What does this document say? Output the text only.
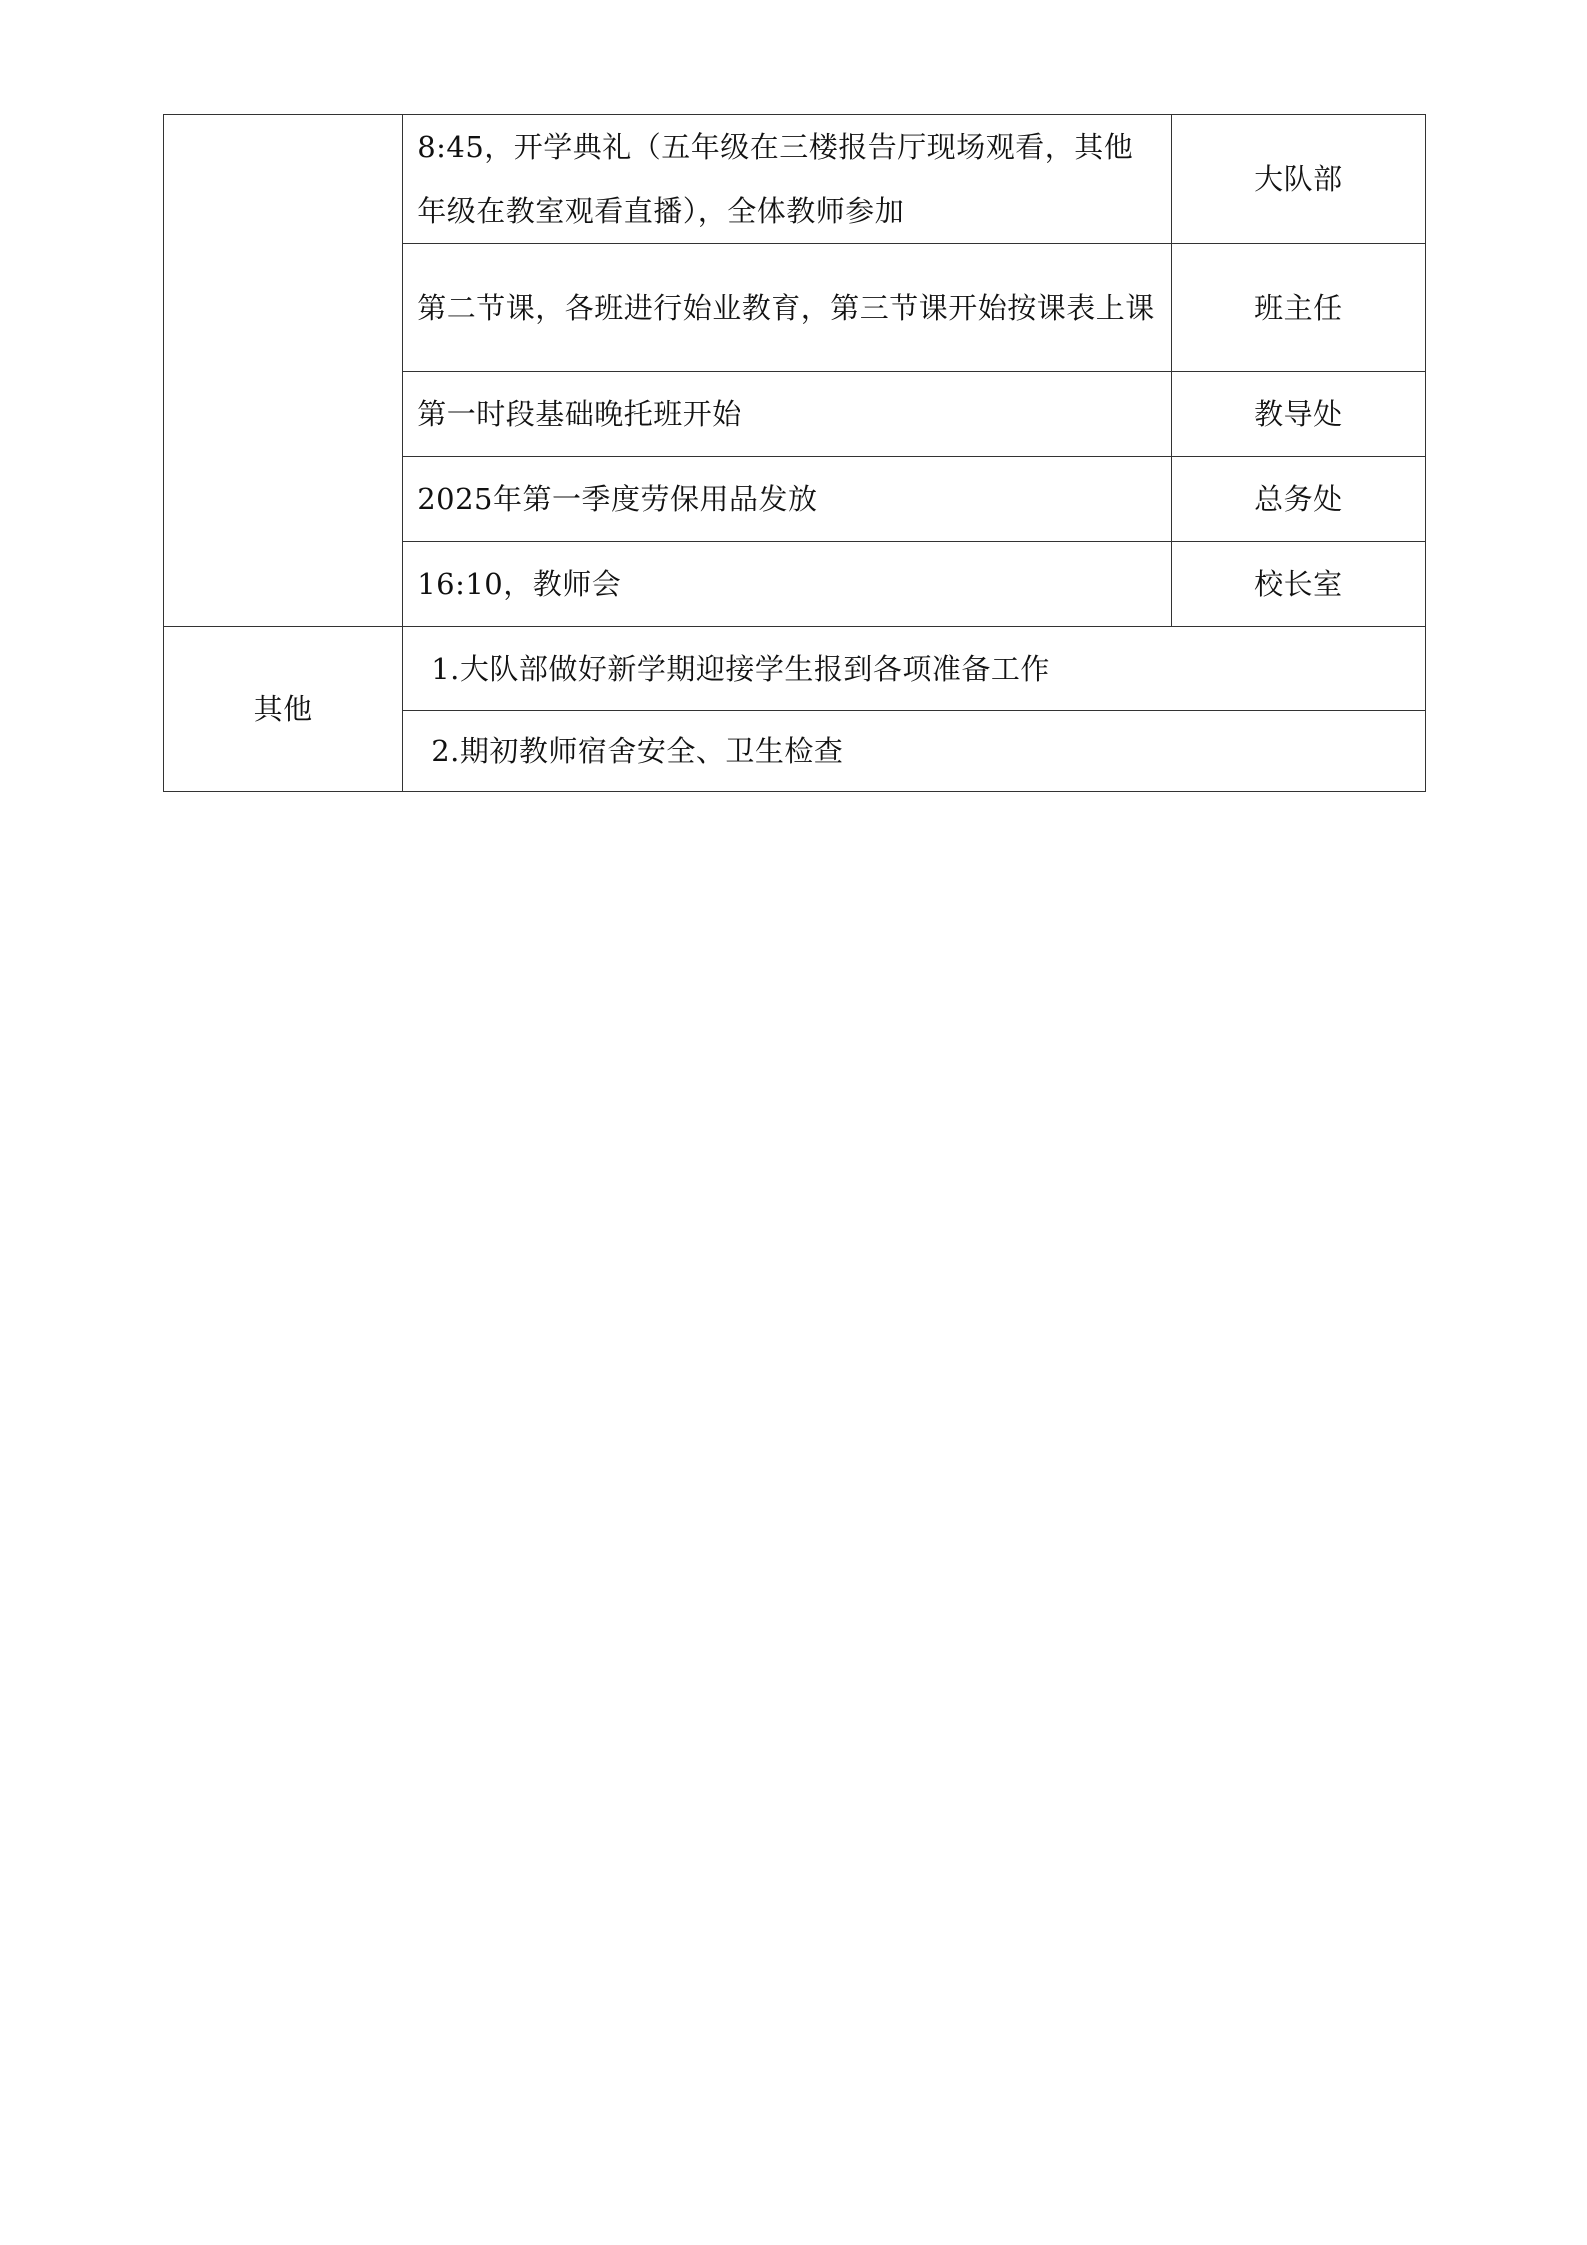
	8:45，开学典礼（五年级在三楼报告厅现场观看，其他年级在教室观看直播），全体教师参加	大队部

	第二节课，各班进行始业教育，第三节课开始按课表上课	班主任
	第一时段基础晚托班开始	教导处
	2025年第一季度劳保用品发放	总务处
	16:10，教师会	校长室
其他	1.大队部做好新学期迎接学生报到各项准备工作	
	2.期初教师宿舍安全、卫生检查	
